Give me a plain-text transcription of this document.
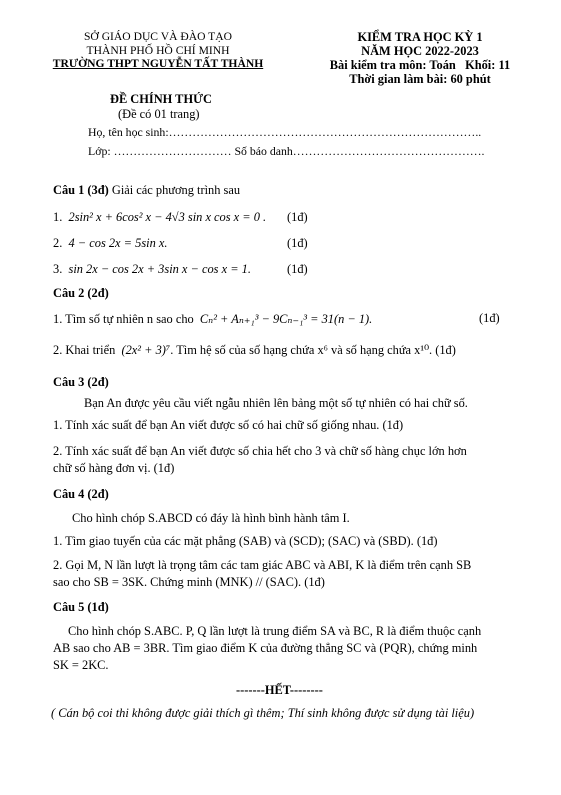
SỞ GIÁO DỤC VÀ ĐÀO TẠO
THÀNH PHỐ HỒ CHÍ MINH
TRƯỜNG THPT NGUYỄN TẤT THÀNH
KIỂM TRA HỌC KỲ 1
NĂM HỌC 2022-2023
Bài kiểm tra môn: Toán   Khối: 11
Thời gian làm bài: 60 phút
ĐỀ CHÍNH THỨC
(Đề có 01 trang)
Họ, tên học sinh:……………………………………………………………………..
Lớp: ………………………… Số báo danh………………………………………….
Câu 1 (3đ) Giải các phương trình sau
1. 2sin² x + 6cos² x − 4√3 sin x cos x = 0 . (1đ)
2. 4 − cos 2x = 5sin x.	(1đ)
3. sin 2x − cos 2x + 3sin x − cos x = 1.	(1đ)
Câu 2 (2đ)
1. Tìm số tự nhiên n sao cho Cₙ² + Aₙ₊₁³ − 9Cₙ₋₁³ = 31(n − 1).	(1đ)
2. Khai triển (2x² + 3)⁷. Tìm hệ số của số hạng chứa x⁶ và số hạng chứa x¹⁰. (1đ)
Câu 3 (2đ)
Bạn An được yêu cầu viết ngẫu nhiên lên bảng một số tự nhiên có hai chữ số.
1. Tính xác suất để bạn An viết được số có hai chữ số giống nhau. (1đ)
2. Tính xác suất để bạn An viết được số chia hết cho 3 và chữ số hàng chục lớn hơn
chữ số hàng đơn vị. (1đ)
Câu 4 (2đ)
Cho hình chóp S.ABCD có đáy là hình bình hành tâm I.
1. Tìm giao tuyến của các mặt phẳng (SAB) và (SCD); (SAC) và (SBD). (1đ)
2. Gọi M, N lần lượt là trọng tâm các tam giác ABC và ABI, K là điểm trên cạnh SB
sao cho SB = 3SK. Chứng minh (MNK) // (SAC). (1đ)
Câu 5 (1đ)
Cho hình chóp S.ABC. P, Q lần lượt là trung điểm SA và BC, R là điểm thuộc cạnh
AB sao cho AB = 3BR. Tìm giao điểm K của đường thẳng SC và (PQR), chứng minh
SK = 2KC.
-------HẾT--------
( Cán bộ coi thi không được giải thích gì thêm; Thí sinh không được sử dụng tài liệu)
